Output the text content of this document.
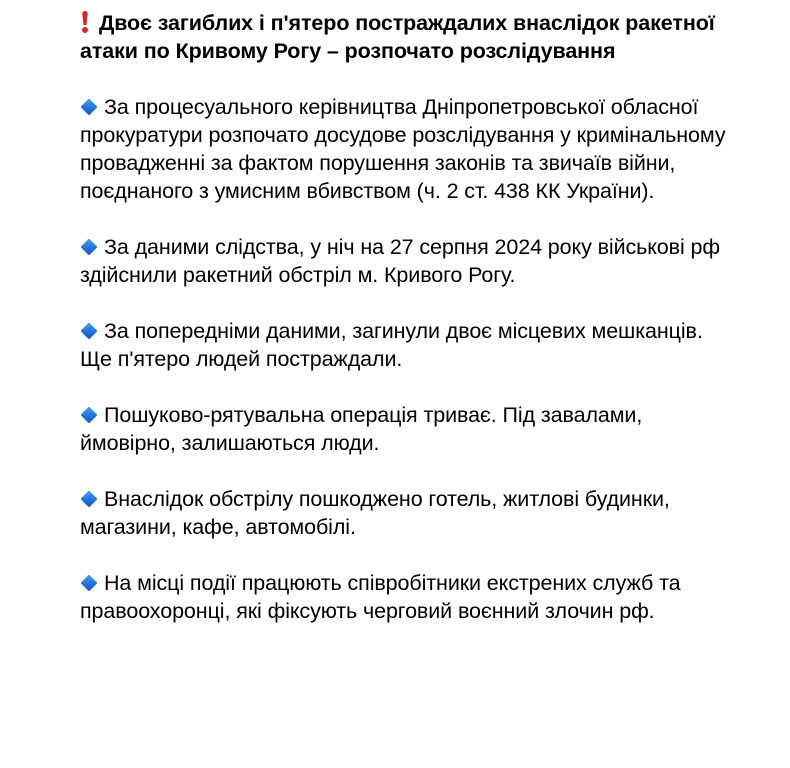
Двоє загиблих і п'ятеро постраждалих внаслідок ракетної атаки по Кривому Рогу – розпочато розслідування

За процесуального керівництва Дніпропетровської обласної прокуратури розпочато досудове розслідування у кримінальному провадженні за фактом порушення законів та звичаїв війни, поєднаного з умисним вбивством (ч. 2 ст. 438 КК України).

За даними слідства, у ніч на 27 серпня 2024 року військові рф здійснили ракетний обстріл м. Кривого Рогу.

За попередніми даними, загинули двоє місцевих мешканців. Ще п'ятеро людей постраждали.

Пошуково-рятувальна операція триває. Під завалами, ймовірно, залишаються люди.

Внаслідок обстрілу пошкоджено готель, житлові будинки, магазини, кафе, автомобілі.

На місці події працюють співробітники екстрених служб та правоохоронці, які фіксують черговий воєнний злочин рф.
